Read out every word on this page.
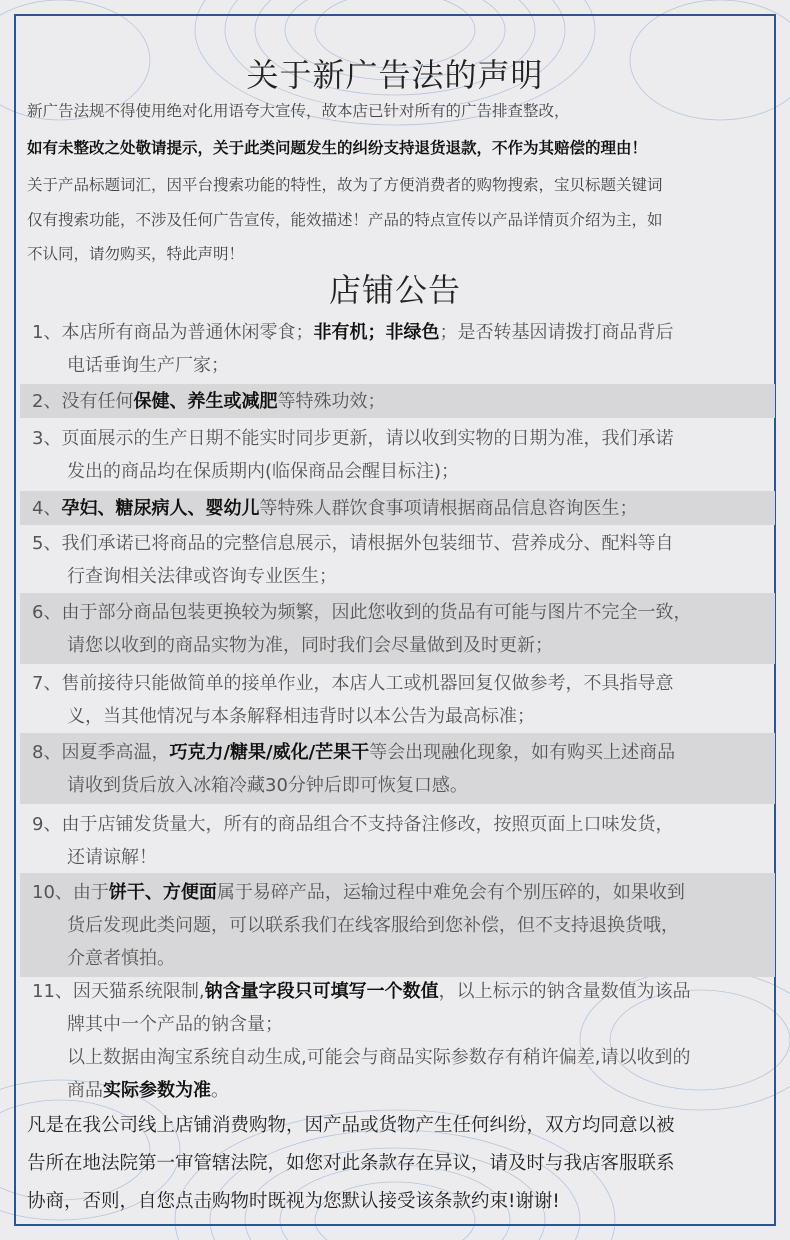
关于新广告法的声明
新广告法规不得使用绝对化用语夸大宣传，故本店已针对所有的广告排查整改，
如有未整改之处敬请提示，关于此类问题发生的纠纷支持退货退款，不作为其赔偿的理由！
关于产品标题词汇，因平台搜索功能的特性，故为了方便消费者的购物搜索，宝贝标题关键词
仅有搜索功能，不涉及任何广告宣传，能效描述！产品的特点宣传以产品详情页介绍为主，如
不认同，请勿购买，特此声明！
店铺公告
1、本店所有商品为普通休闲零食；非有机；非绿色；是否转基因请拨打商品背后
电话垂询生产厂家；
2、没有任何保健、养生或减肥等特殊功效；
3、页面展示的生产日期不能实时同步更新，请以收到实物的日期为准，我们承诺
发出的商品均在保质期内(临保商品会醒目标注)；
4、孕妇、糖尿病人、婴幼儿等特殊人群饮食事项请根据商品信息咨询医生；
5、我们承诺已将商品的完整信息展示，请根据外包装细节、营养成分、配料等自
行查询相关法律或咨询专业医生；
6、由于部分商品包装更换较为频繁，因此您收到的货品有可能与图片不完全一致，
请您以收到的商品实物为准，同时我们会尽量做到及时更新；
7、售前接待只能做简单的接单作业，本店人工或机器回复仅做参考，不具指导意
义，当其他情况与本条解释相违背时以本公告为最高标准；
8、因夏季高温，巧克力/糖果/威化/芒果干等会出现融化现象，如有购买上述商品
请收到货后放入冰箱冷藏30分钟后即可恢复口感。
9、由于店铺发货量大，所有的商品组合不支持备注修改，按照页面上口味发货，
还请谅解！
10、由于饼干、方便面属于易碎产品，运输过程中难免会有个别压碎的，如果收到
货后发现此类问题，可以联系我们在线客服给到您补偿，但不支持退换货哦，
介意者慎拍。
11、因天猫系统限制,钠含量字段只可填写一个数值，以上标示的钠含量数值为该品
牌其中一个产品的钠含量；
以上数据由淘宝系统自动生成,可能会与商品实际参数存有稍许偏差,请以收到的
商品实际参数为准。
凡是在我公司线上店铺消费购物，因产品或货物产生任何纠纷，双方均同意以被
告所在地法院第一审管辖法院，如您对此条款存在异议，请及时与我店客服联系
协商，否则，自您点击购物时既视为您默认接受该条款约束!谢谢!
